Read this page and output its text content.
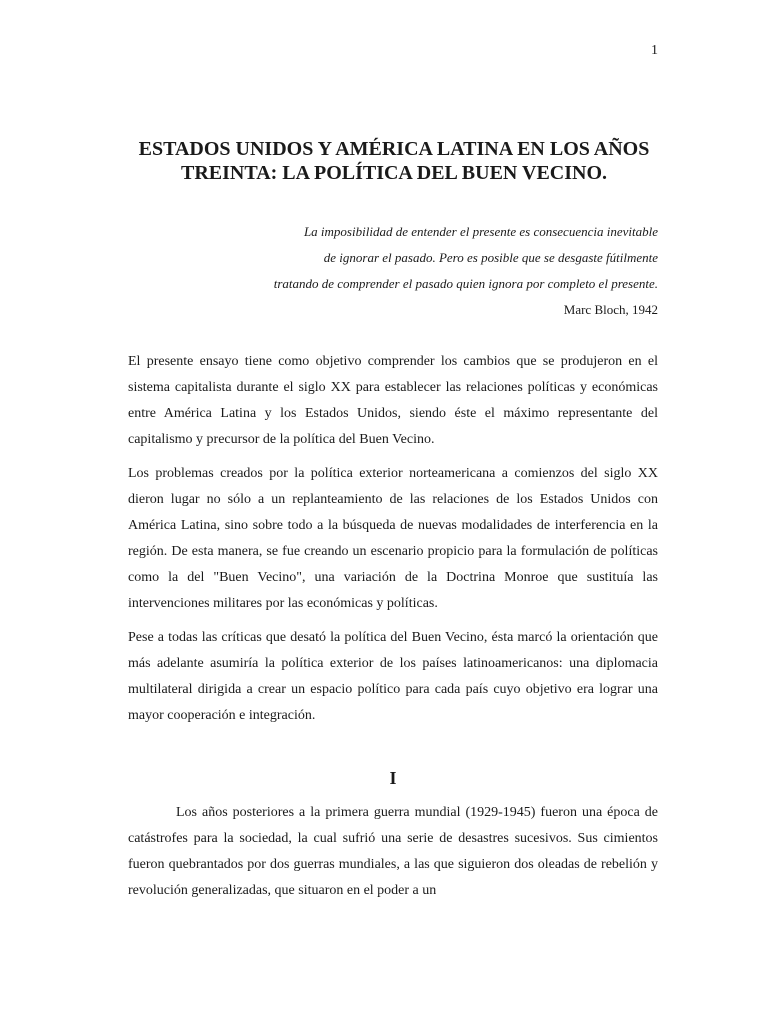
1
ESTADOS UNIDOS Y AMÉRICA LATINA EN LOS AÑOS TREINTA: LA POLÍTICA DEL BUEN VECINO.
La imposibilidad de entender el presente es consecuencia inevitable
de ignorar el pasado. Pero es posible que se desgaste fútilmente
tratando de comprender el pasado quien ignora por completo el presente.
Marc Bloch, 1942

El presente ensayo tiene como objetivo comprender los cambios que se produjeron en el sistema capitalista durante el siglo XX para establecer las relaciones políticas y económicas entre América Latina y los Estados Unidos, siendo éste el máximo representante del capitalismo y precursor de la política del Buen Vecino.

Los problemas creados por la política exterior norteamericana a comienzos del siglo XX dieron lugar no sólo a un replanteamiento de las relaciones de los Estados Unidos con América Latina, sino sobre todo a la búsqueda de nuevas modalidades de interferencia en la región. De esta manera, se fue creando un escenario propicio para la formulación de políticas como la del "Buen Vecino", una variación de la Doctrina Monroe que sustituía las intervenciones militares por las económicas y políticas.

Pese a todas las críticas que desató la política del Buen Vecino, ésta marcó la orientación que más adelante asumiría la política exterior de los países latinoamericanos: una diplomacia multilateral dirigida a crear un espacio político para cada país cuyo objetivo era lograr una mayor cooperación e integración.

I

Los años posteriores a la primera guerra mundial (1929-1945) fueron una época de catástrofes para la sociedad, la cual sufrió una serie de desastres sucesivos. Sus cimientos fueron quebrantados por dos guerras mundiales, a las que siguieron dos oleadas de rebelión y revolución generalizadas, que situaron en el poder a un
